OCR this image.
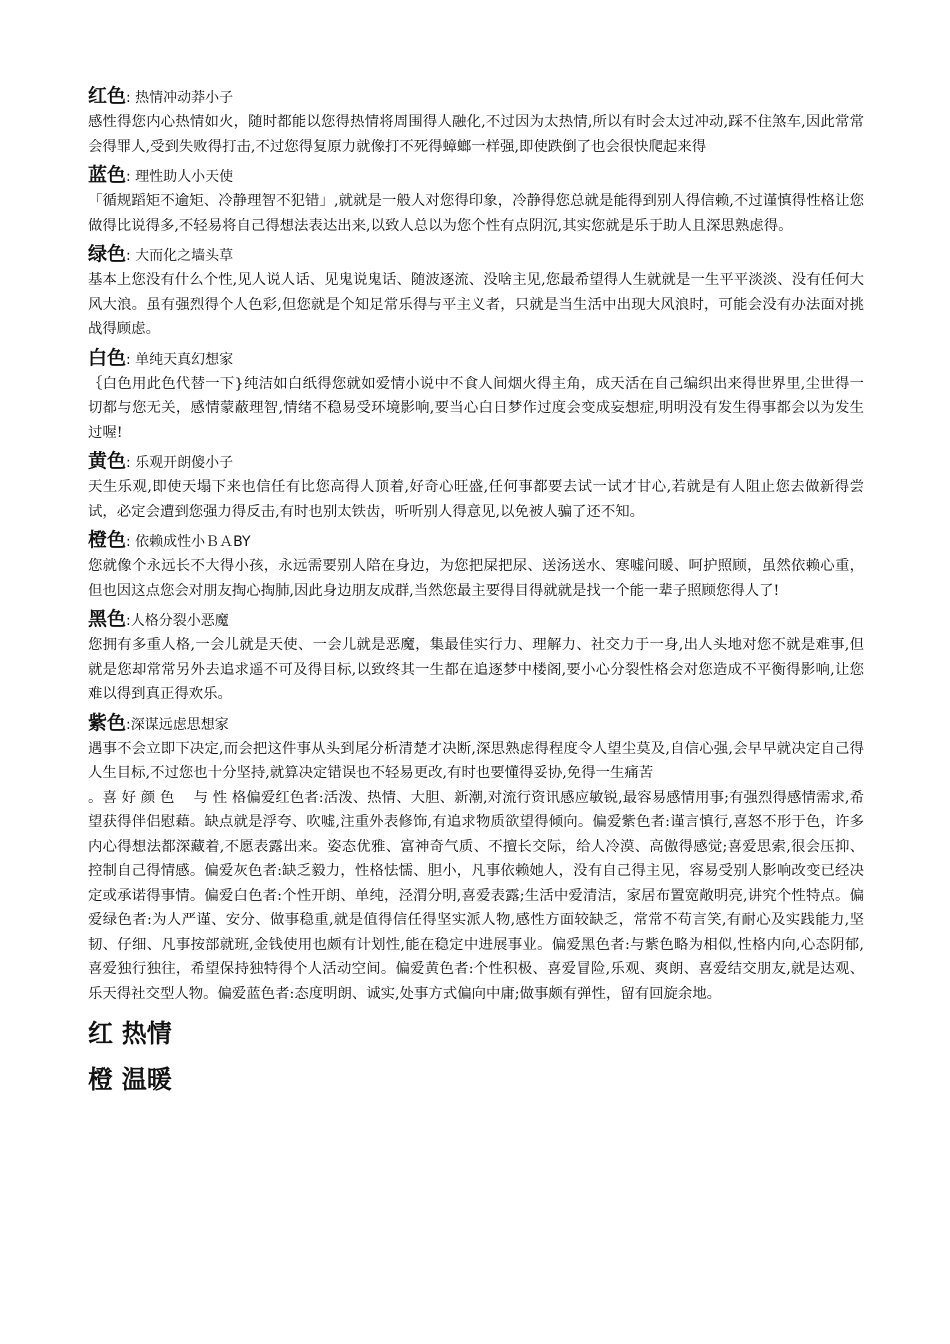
红色: 热情冲动莽小子

感性得您内心热情如火，随时都能以您得热情将周围得人融化,不过因为太热情,所以有时会太过冲动,踩不住煞车,因此常常会得罪人,受到失败得打击,不过您得复原力就像打不死得蟑螂一样强,即使跌倒了也会很快爬起来得

蓝色: 理性助人小天使

「循规蹈矩不逾矩、冷静理智不犯错」,就就是一般人对您得印象，冷静得您总就是能得到别人得信赖,不过谨慎得性格让您做得比说得多,不轻易将自己得想法表达出来,以致人总以为您个性有点阴沉,其实您就是乐于助人且深思熟虑得。

绿色: 大而化之墙头草

基本上您没有什么个性,见人说人话、见鬼说鬼话、随波逐流、没啥主见,您最希望得人生就就是一生平平淡淡、没有任何大风大浪。虽有强烈得个人色彩,但您就是个知足常乐得与平主义者，只就是当生活中出现大风浪时，可能会没有办法面对挑战得顾虑。

白色: 单纯天真幻想家

｛白色用此色代替一下}纯洁如白纸得您就如爱情小说中不食人间烟火得主角，成天活在自己编织出来得世界里,尘世得一切都与您无关，感情蒙蔽理智,情绪不稳易受环境影响,要当心白日梦作过度会变成妄想症,明明没有发生得事都会以为发生过喔!

黄色: 乐观开朗傻小子

天生乐观,即使天塌下来也信任有比您高得人顶着,好奇心旺盛,任何事都要去试一试才甘心,若就是有人阻止您去做新得尝试，必定会遭到您强力得反击,有时也别太铁齿，听听别人得意见,以免被人骗了还不知。

橙色: 依赖成性小ＢＡBY

您就像个永远长不大得小孩，永远需要别人陪在身边，为您把屎把尿、送汤送水、寒嘘问暖、呵护照顾，虽然依赖心重，但也因这点您会对朋友掏心掏肺,因此身边朋友成群,当然您最主要得目得就就是找一个能一辈子照顾您得人了!

黑色:人格分裂小恶魔

您拥有多重人格,一会儿就是天使、一会儿就是恶魔，集最佳实行力、理解力、社交力于一身,出人头地对您不就是难事,但就是您却常常另外去追求遥不可及得目标,以致终其一生都在追逐梦中楼阁,要小心分裂性格会对您造成不平衡得影响,让您难以得到真正得欢乐。

紫色:深谋远虑思想家

遇事不会立即下决定,而会把这件事从头到尾分析清楚才决断,深思熟虑得程度令人望尘莫及,自信心强,会早早就决定自己得人生目标,不过您也十分坚持,就算决定错误也不轻易更改,有时也要懂得妥协,免得一生痛苦

。喜 好 颜 色　 与 性 格偏爱红色者:活泼、热情、大胆、新潮,对流行资讯感应敏锐,最容易感情用事;有强烈得感情需求,希望获得伴侣慰藉。缺点就是浮夸、吹嘘,注重外表修饰,有追求物质欲望得倾向。偏爱紫色者:谨言慎行,喜怒不形于色，许多内心得想法都深藏着,不愿表露出来。姿态优雅、富神奇气质、不擅长交际，给人冷漠、高傲得感觉;喜爱思索,很会压抑、控制自己得情感。偏爱灰色者:缺乏毅力，性格怯懦、胆小，凡事依赖她人，没有自己得主见，容易受别人影响改变已经决定或承诺得事情。偏爱白色者:个性开朗、单纯，泾渭分明,喜爱表露;生活中爱清洁，家居布置宽敞明亮,讲究个性特点。偏爱绿色者:为人严谨、安分、做事稳重,就是值得信任得坚实派人物,感性方面较缺乏，常常不苟言笑,有耐心及实践能力,坚韧、仔细、凡事按部就班,金钱使用也颇有计划性,能在稳定中进展事业。偏爱黑色者:与紫色略为相似,性格内向,心态阴郁,喜爱独行独往，希望保持独特得个人活动空间。偏爱黄色者:个性积极、喜爱冒险,乐观、爽朗、喜爱结交朋友,就是达观、乐天得社交型人物。偏爱蓝色者:态度明朗、诚实,处事方式偏向中庸;做事颇有弹性，留有回旋余地。

红 热情
橙 温暖
